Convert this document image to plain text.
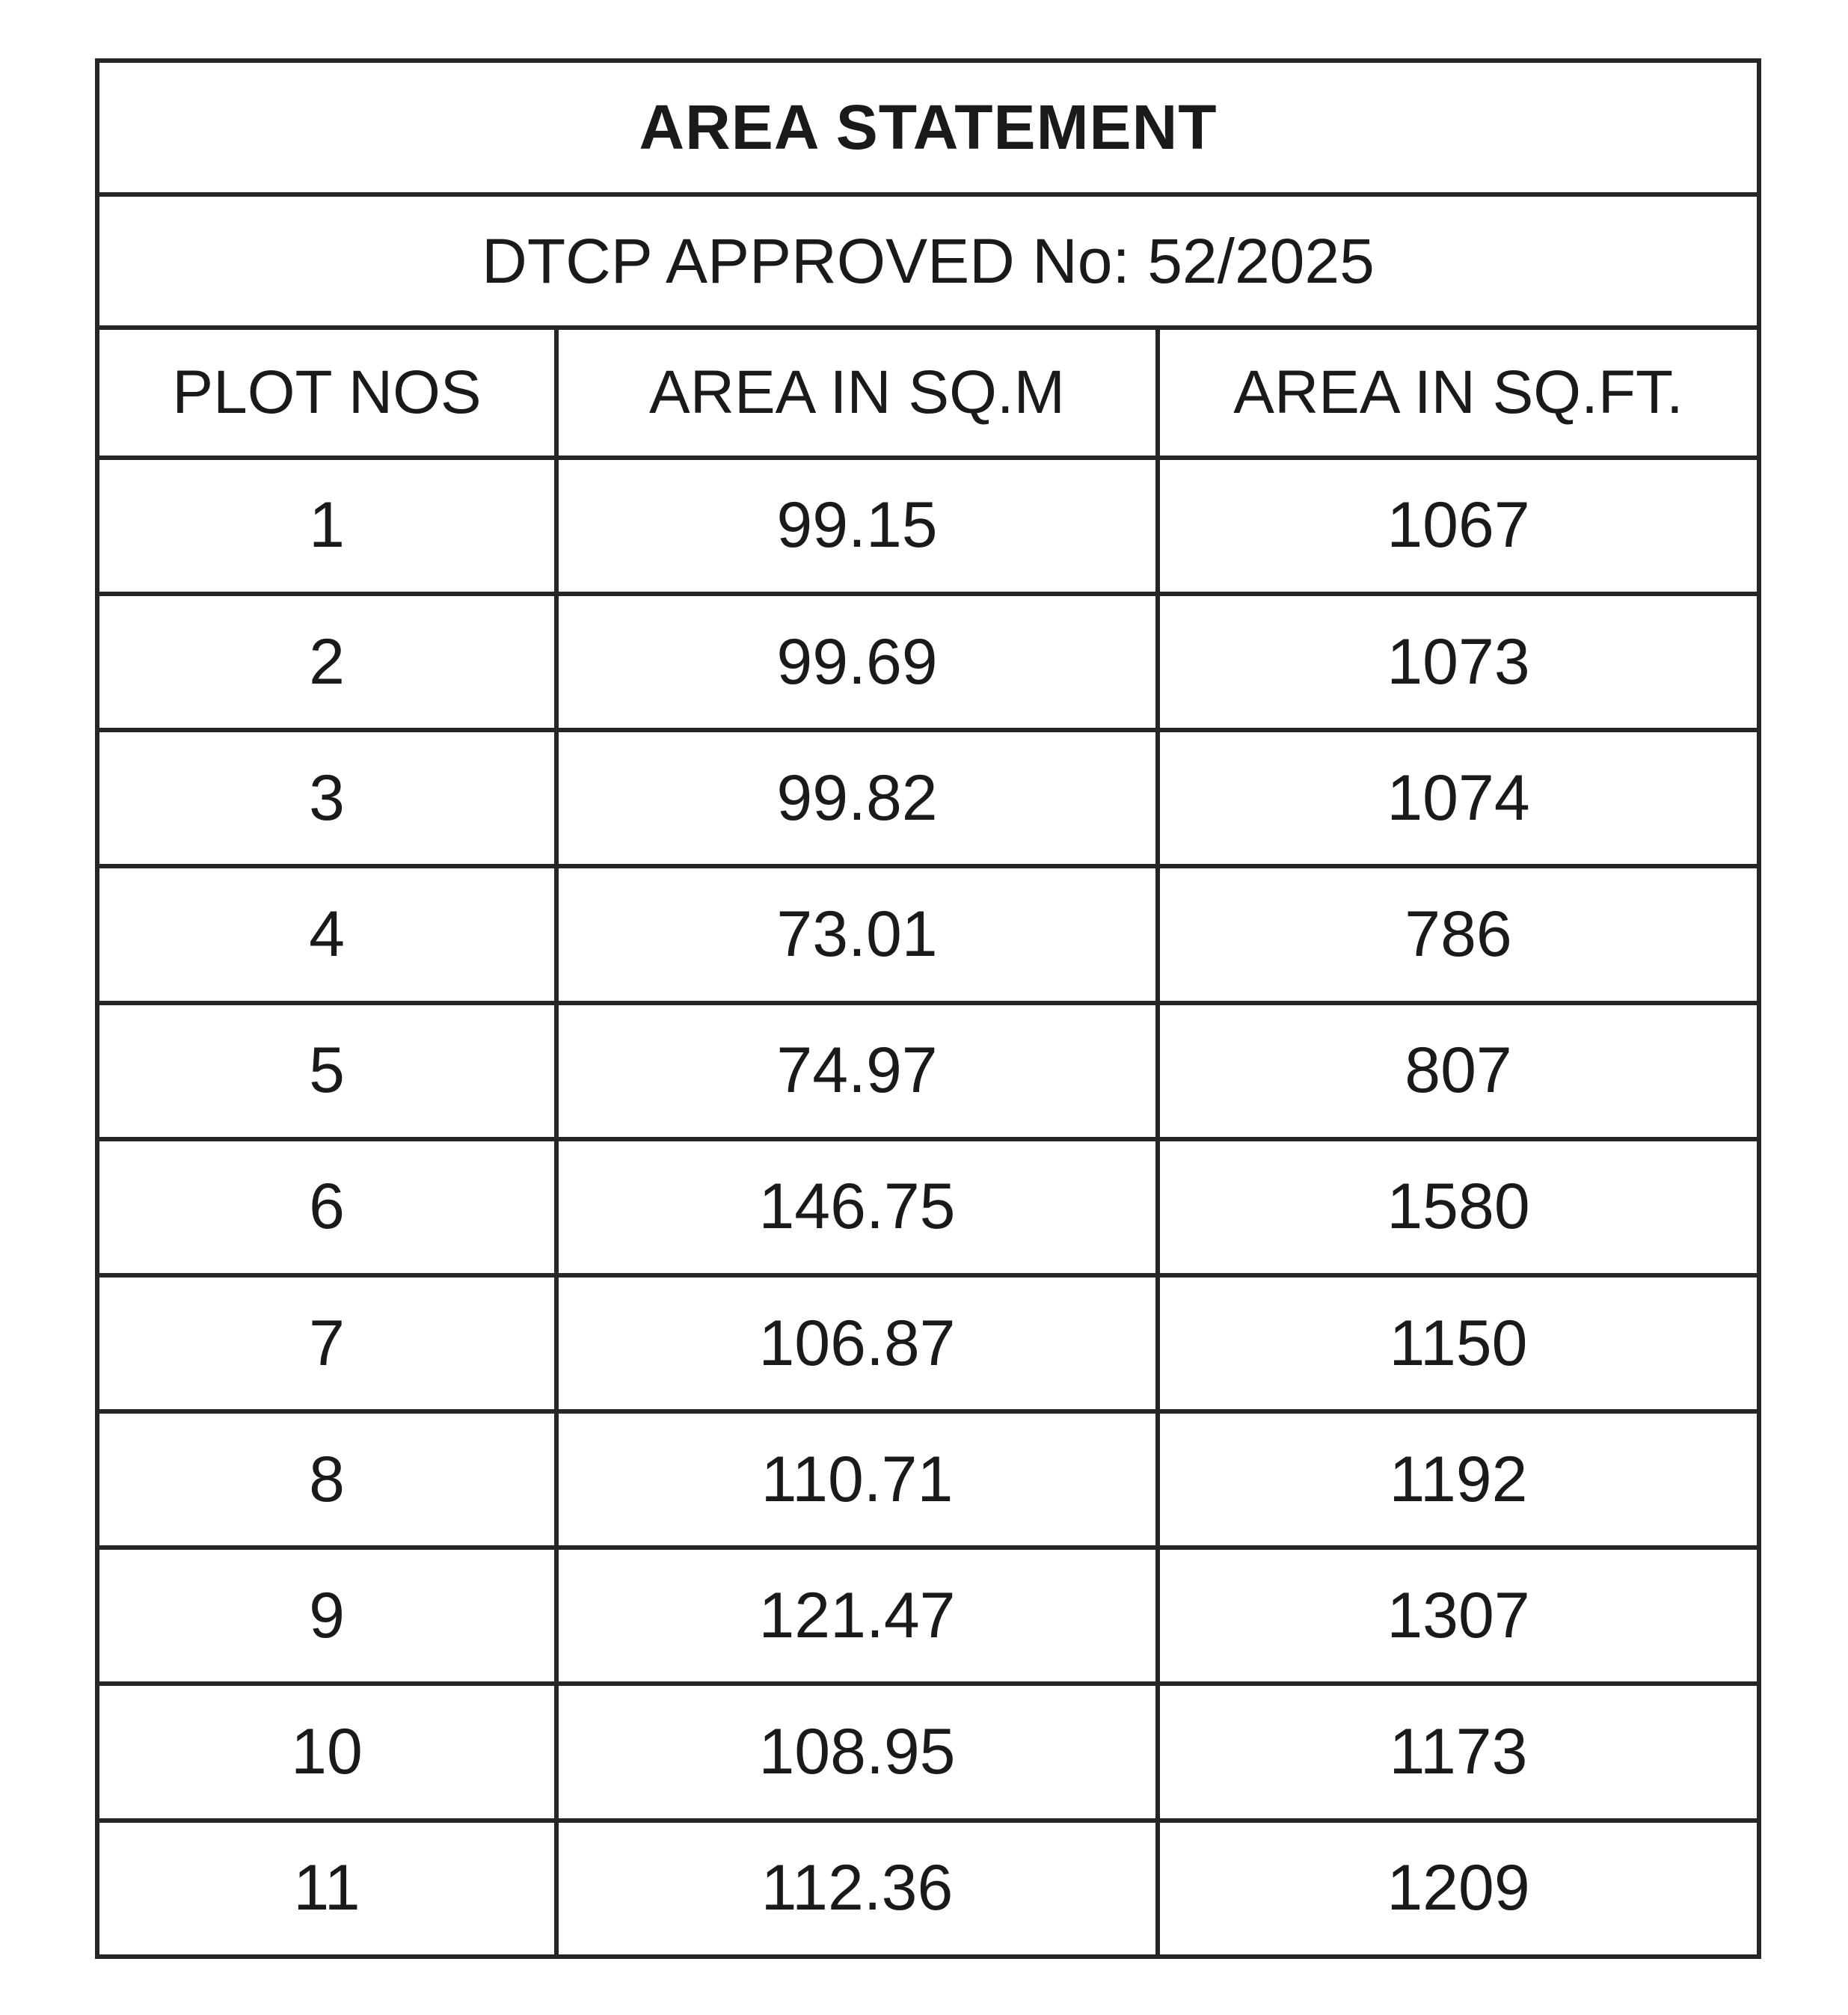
AREA STATEMENT		
DTCP APPROVED No: 52/2025		
PLOT NOS	AREA IN SQ.M	AREA IN SQ.FT.
1	99.15	1067
2	99.69	1073
3	99.82	1074
4	73.01	786
5	74.97	807
6	146.75	1580
7	106.87	1150
8	110.71	1192
9	121.47	1307
10	108.95	1173
11	112.36	1209
